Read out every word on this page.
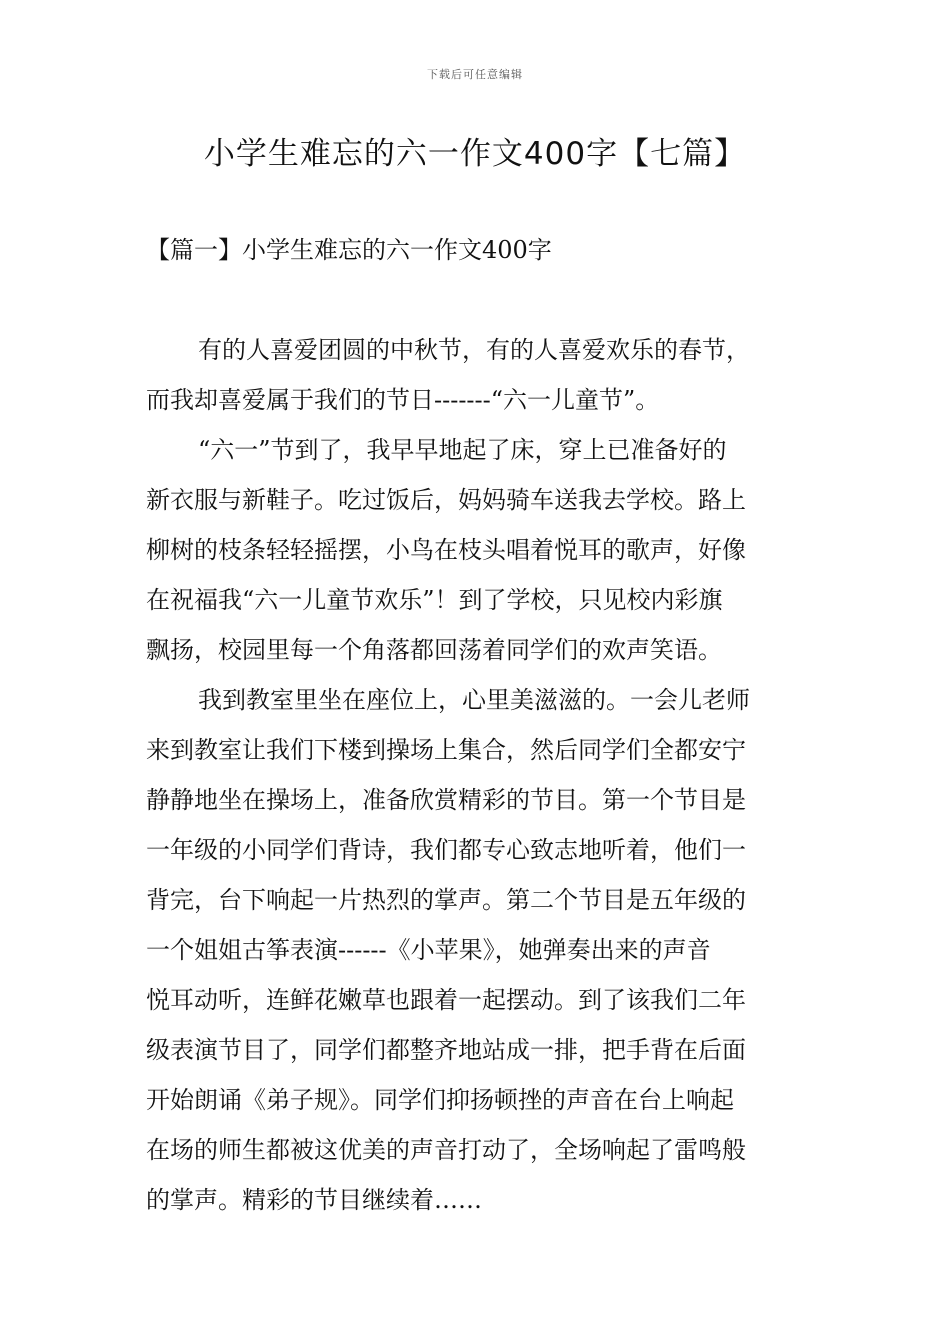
下载后可任意编辑
小学生难忘的六一作文400字【七篇】
【篇一】小学生难忘的六一作文400字
有的人喜爱团圆的中秋节，有的人喜爱欢乐的春节，
而我却喜爱属于我们的节日-------“六一儿童节”。
“六一”节到了，我早早地起了床，穿上已准备好的
新衣服与新鞋子。吃过饭后，妈妈骑车送我去学校。路上
柳树的枝条轻轻摇摆，小鸟在枝头唱着悦耳的歌声，好像
在祝福我“六一儿童节欢乐”！到了学校，只见校内彩旗
飘扬，校园里每一个角落都回荡着同学们的欢声笑语。
我到教室里坐在座位上，心里美滋滋的。一会儿老师
来到教室让我们下楼到操场上集合，然后同学们全都安宁
静静地坐在操场上，准备欣赏精彩的节目。第一个节目是
一年级的小同学们背诗，我们都专心致志地听着，他们一
背完，台下响起一片热烈的掌声。第二个节目是五年级的
一个姐姐古筝表演------《小苹果》，她弹奏出来的声音
悦耳动听，连鲜花嫩草也跟着一起摆动。到了该我们二年
级表演节目了，同学们都整齐地站成一排，把手背在后面
开始朗诵《弟子规》。同学们抑扬顿挫的声音在台上响起
在场的师生都被这优美的声音打动了，全场响起了雷鸣般
的掌声。精彩的节目继续着……
